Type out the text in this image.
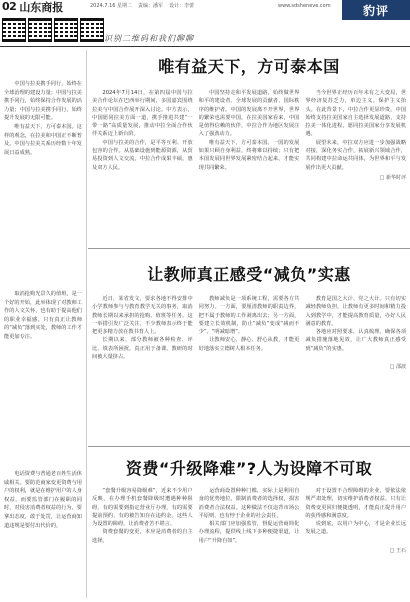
02 山东商报	2024.7.16 星期二 责编：潘军 设计：李蕾	www.sdsheneve.com	豹评
识别二维码和我们聊聊

中国与拉美携手同行，始终在全球治理的建设力量；中国与拉美携手同行，始终保持合作发展的活力量；中国与拉美携手同行，始终提升发展的无限可能。

唯有益天下，方可泰本国。这样的观念，在拉美和中国正不断普及。中国与拉美关系历经数十年发展日益成熟。

取消抢购光景久的值班，是一个好的开始，此举体现了对教师工作的人文关怀，也有助于提高他们的职业幸福感。只有真正让教师的“减负”落到实处，教师的工作才能更加专注。

电话资费与普通老百姓生活休戚相关。要防范商家变更资费与用户的权利，就是在维护用户的人身权益。而要监管部门在履职的同时，对侵害消费者权益的行为，要拿出态度，敢于处罚，让运营商知道违规是要付出代价的。

唯有益天下，方可泰本国

2024年7月14日，在第四届中国与拉美合作论坛在巴西举行期间，多国嘉宾围绕拉美与中国合作展开深入讨论。中方表示，中国愿同拉美方面一道，携手推进共建“一带一路”高质量发展，推动中拉全面合作伙伴关系迈上新台阶。

中国与拉美的合作，是平等互利、开放包容的合作。从基础设施到能源资源，从贸易投资到人文交流，中拉合作成果丰硕，惠及双方人民。

中国坚持走和平发展道路，始终做世界和平的建设者、全球发展的贡献者、国际秩序的维护者。中国的发展离不开世界，世界的繁荣也需要中国。在拉美国家看来，中国是值得信赖的伙伴，中拉合作为地区发展注入了强劲动力。

唯有益天下，方可泰本国。一国的发展如果只顾自身利益，终将难以持续；只有把本国发展同世界发展紧密结合起来，才能实现共同繁荣。

当今世界正经历百年未有之大变局，世界经济复苏乏力，单边主义、保护主义抬头。在此背景下，中拉合作更显珍贵。中国始终支持拉美国家自主选择发展道路，支持拉美一体化进程，愿同拉美国家分享发展机遇。

展望未来，中拉双方应进一步加强战略对接，深化务实合作，拓展新兴领域合作，共同构建中拉命运共同体，为世界和平与发展作出更大贡献。

□ 新华时评
让教师真正感受“减负”实惠

近日，某省发文，要求各地不得安排中小学教师参与与教育教学无关的事务，取消教师长期以来承担的抢购、值班等任务。这一举措引发广泛关注，不少教师表示终于能把更多精力放在教书育人上。

长期以来，部分教师被各种检查、评比、填表所困扰，真正用于备课、教研的时间被大量挤占。

教师减负是一项系统工程，需要各方共同努力。一方面，要厘清教师的职责边界，把不属于教师的工作剥离出去；另一方面，要建立长效机制，防止“减负”变成“减而不少”、“明减暗增”。

让教师安心、静心、舒心从教，才能更好地落实立德树人根本任务。

教育是国之大计、党之大计。只有切实减轻教师负担，让教师有更多时间和精力投入到教学中，才能提高教育质量，办好人民满意的教育。

各地应对照要求，认真梳理，确保各项减负措施落地见效，让广大教师真正感受到“减负”的实惠。

□ 邵波
资费“升级降难”?人为设障不可取

“套餐升级容易降级难”，近来不少用户反映，在办理手机套餐降级时遭遇种种阻碍，有的需要到指定营业厅办理，有的需要提前预约，有的被告知存在违约金。这些人为设置的障碍，让消费者苦不堪言。

资费套餐的变更，本应是消费者的自主选择。

运营商设置种种门槛，实际上是利用自身的优势地位，限制消费者的选择权，损害消费者合法权益。这种做法不仅违背市场公平原则，也有悖于企业的社会责任。

相关部门应加强监管，督促运营商简化办理流程，提供线上线下多种便捷渠道，让用户“升降自如”。

对于设置不合理障碍的企业，要依法依规严肃处理，切实维护消费者权益。只有让资费变更回归便捷透明，才能真正提升用户的获得感和满意度。

说到底，以用户为中心，才是企业长远发展之道。

□ 王石
